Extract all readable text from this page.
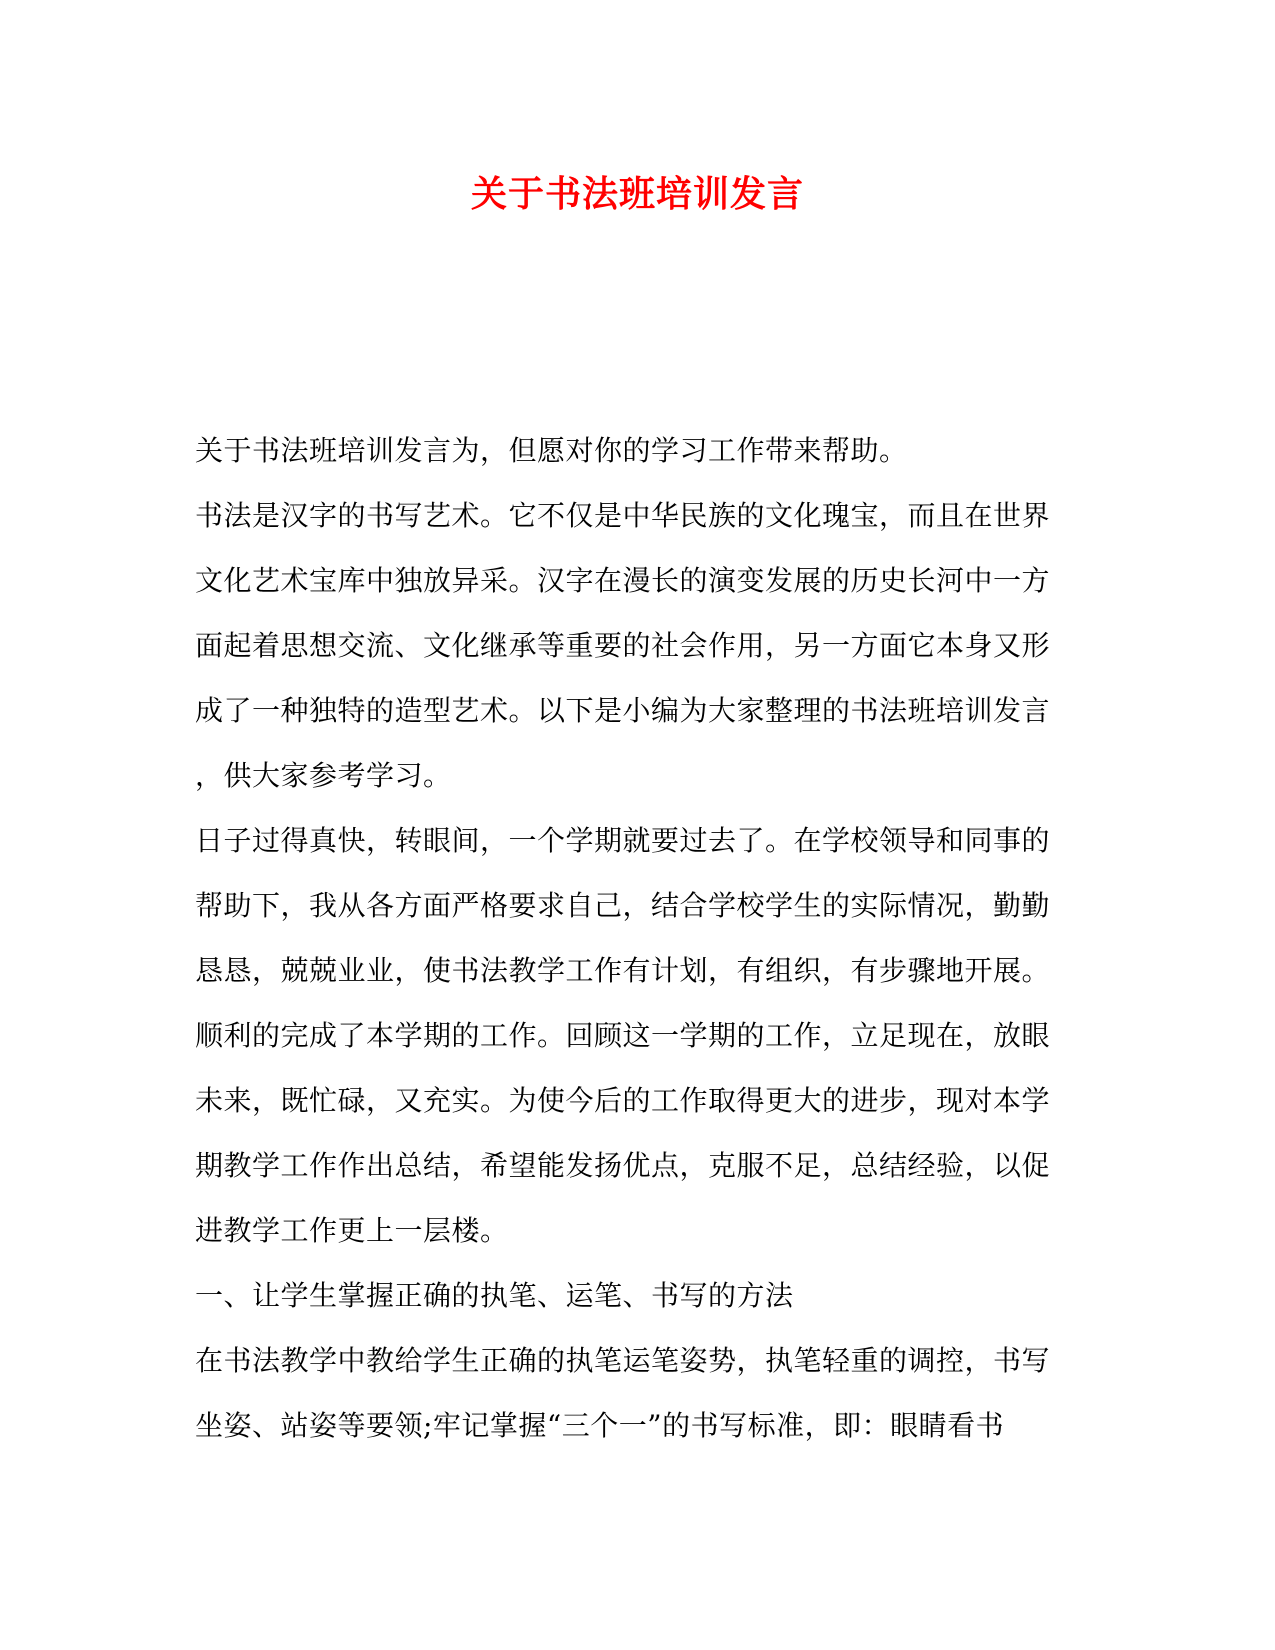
关于书法班培训发言
关于书法班培训发言为，但愿对你的学习工作带来帮助。
书法是汉字的书写艺术。它不仅是中华民族的文化瑰宝，而且在世界
文化艺术宝库中独放异采。汉字在漫长的演变发展的历史长河中一方
面起着思想交流、文化继承等重要的社会作用，另一方面它本身又形
成了一种独特的造型艺术。以下是小编为大家整理的书法班培训发言
，供大家参考学习。
日子过得真快，转眼间，一个学期就要过去了。在学校领导和同事的
帮助下，我从各方面严格要求自己，结合学校学生的实际情况，勤勤
恳恳，兢兢业业，使书法教学工作有计划，有组织，有步骤地开展。
顺利的完成了本学期的工作。回顾这一学期的工作，立足现在，放眼
未来，既忙碌，又充实。为使今后的工作取得更大的进步，现对本学
期教学工作作出总结，希望能发扬优点，克服不足，总结经验，以促
进教学工作更上一层楼。
一、让学生掌握正确的执笔、运笔、书写的方法
在书法教学中教给学生正确的执笔运笔姿势，执笔轻重的调控，书写
坐姿、站姿等要领;牢记掌握“三个一”的书写标准，即：眼睛看书
